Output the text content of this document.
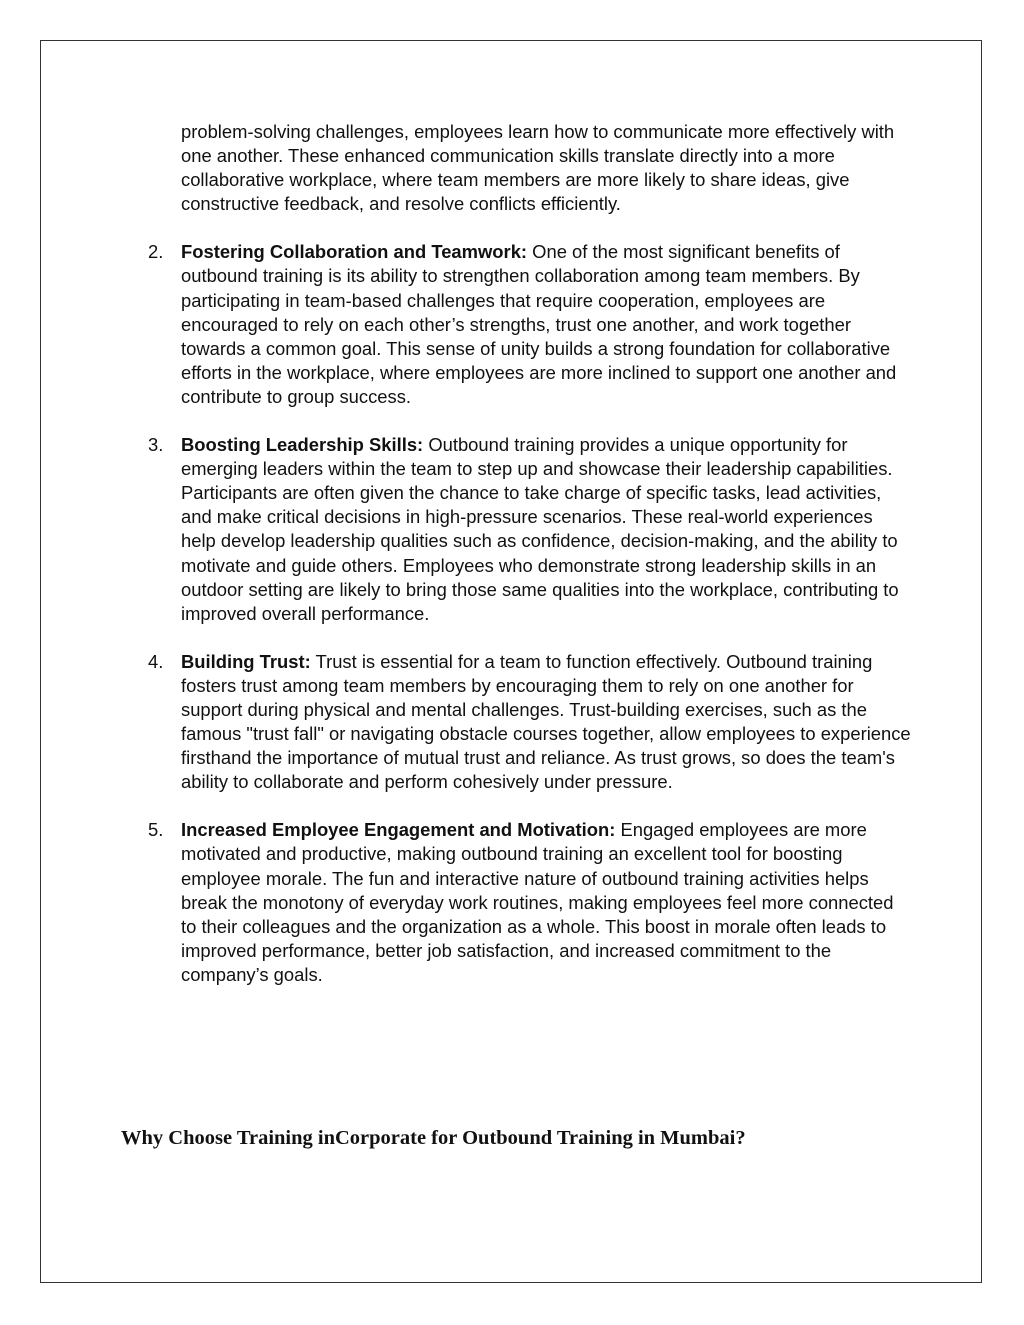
problem-solving challenges, employees learn how to communicate more effectively with one another. These enhanced communication skills translate directly into a more collaborative workplace, where team members are more likely to share ideas, give constructive feedback, and resolve conflicts efficiently.

2. Fostering Collaboration and Teamwork: One of the most significant benefits of outbound training is its ability to strengthen collaboration among team members. By participating in team-based challenges that require cooperation, employees are encouraged to rely on each other’s strengths, trust one another, and work together towards a common goal. This sense of unity builds a strong foundation for collaborative efforts in the workplace, where employees are more inclined to support one another and contribute to group success.
3. Boosting Leadership Skills: Outbound training provides a unique opportunity for emerging leaders within the team to step up and showcase their leadership capabilities. Participants are often given the chance to take charge of specific tasks, lead activities, and make critical decisions in high-pressure scenarios. These real-world experiences help develop leadership qualities such as confidence, decision-making, and the ability to motivate and guide others. Employees who demonstrate strong leadership skills in an outdoor setting are likely to bring those same qualities into the workplace, contributing to improved overall performance.
4. Building Trust: Trust is essential for a team to function effectively. Outbound training fosters trust among team members by encouraging them to rely on one another for support during physical and mental challenges. Trust-building exercises, such as the famous "trust fall" or navigating obstacle courses together, allow employees to experience firsthand the importance of mutual trust and reliance. As trust grows, so does the team's ability to collaborate and perform cohesively under pressure.
5. Increased Employee Engagement and Motivation: Engaged employees are more motivated and productive, making outbound training an excellent tool for boosting employee morale. The fun and interactive nature of outbound training activities helps break the monotony of everyday work routines, making employees feel more connected to their colleagues and the organization as a whole. This boost in morale often leads to improved performance, better job satisfaction, and increased commitment to the company’s goals.
Why Choose Training inCorporate for Outbound Training in Mumbai?
